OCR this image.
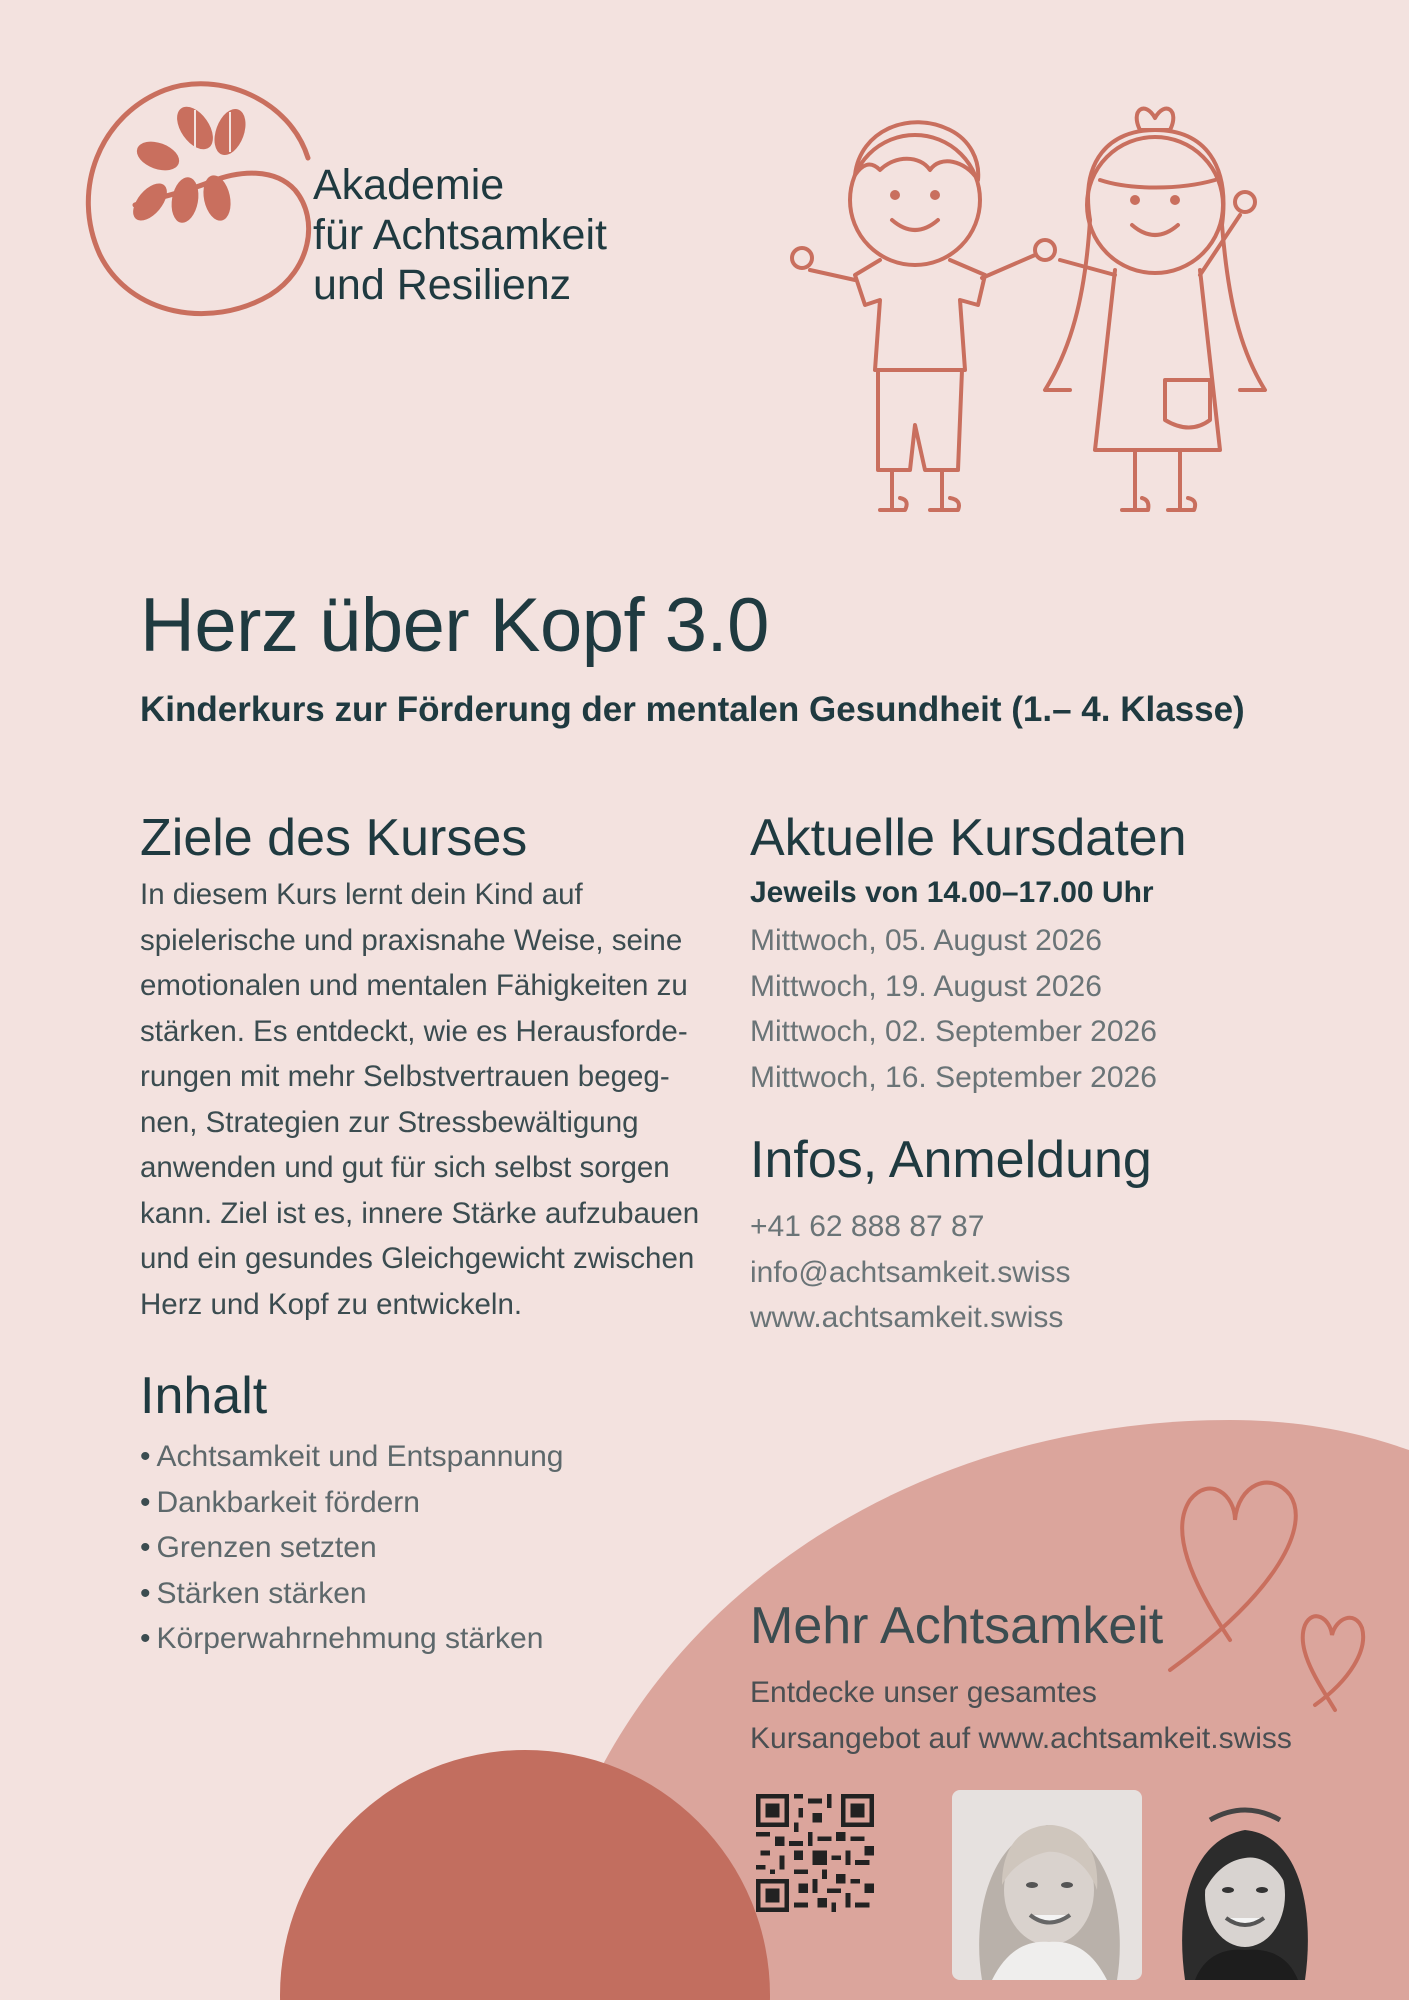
Akademie
für Achtsamkeit
und Resilienz
Herz über Kopf 3.0
Kinderkurs zur Förderung der mentalen Gesundheit (1.– 4. Klasse)
Ziele des Kurses
In diesem Kurs lernt dein Kind auf
spielerische und praxisnahe Weise, seine
emotionalen und mentalen Fähigkeiten zu
stärken. Es entdeckt, wie es Herausforde-
rungen mit mehr Selbstvertrauen begeg-
nen, Strategien zur Stressbewältigung
anwenden und gut für sich selbst sorgen
kann. Ziel ist es, innere Stärke aufzubauen
und ein gesundes Gleichgewicht zwischen
Herz und Kopf zu entwickeln.
Inhalt
• Achtsamkeit und Entspannung
• Dankbarkeit fördern
• Grenzen setzten
• Stärken stärken
• Körperwahrnehmung stärken
Aktuelle Kursdaten
Jeweils von 14.00–17.00 Uhr
Mittwoch, 05. August 2026
Mittwoch, 19. August 2026
Mittwoch, 02. September 2026
Mittwoch, 16. September 2026
Infos, Anmeldung
+41 62 888 87 87
info@achtsamkeit.swiss
www.achtsamkeit.swiss
Mehr Achtsamkeit
Entdecke unser gesamtes
Kursangebot auf www.achtsamkeit.swiss
